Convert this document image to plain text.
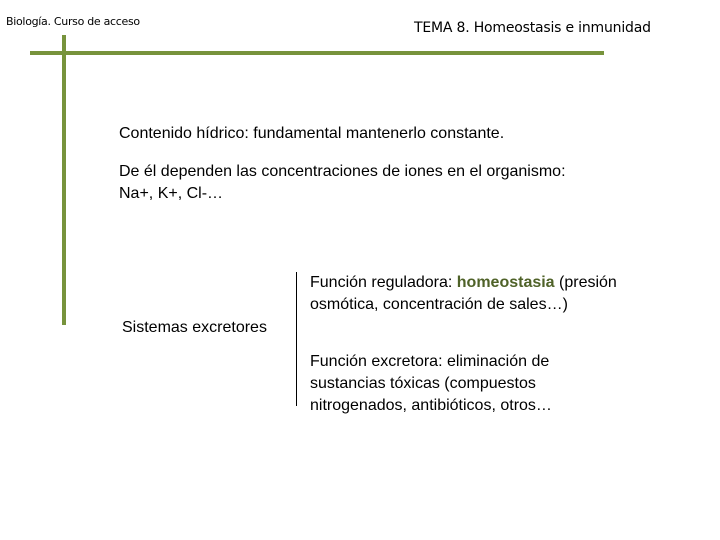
Biología. Curso de acceso	TEMA 8. Homeostasis e inmunidad
Contenido hídrico: fundamental mantenerlo constante.
De él dependen las concentraciones de iones en el organismo:
Na+, K+, Cl-…
Función reguladora: homeostasia (presión
osmótica, concentración de sales…)
Sistemas excretores
Función excretora: eliminación de
sustancias tóxicas (compuestos
nitrogenados, antibióticos, otros…
